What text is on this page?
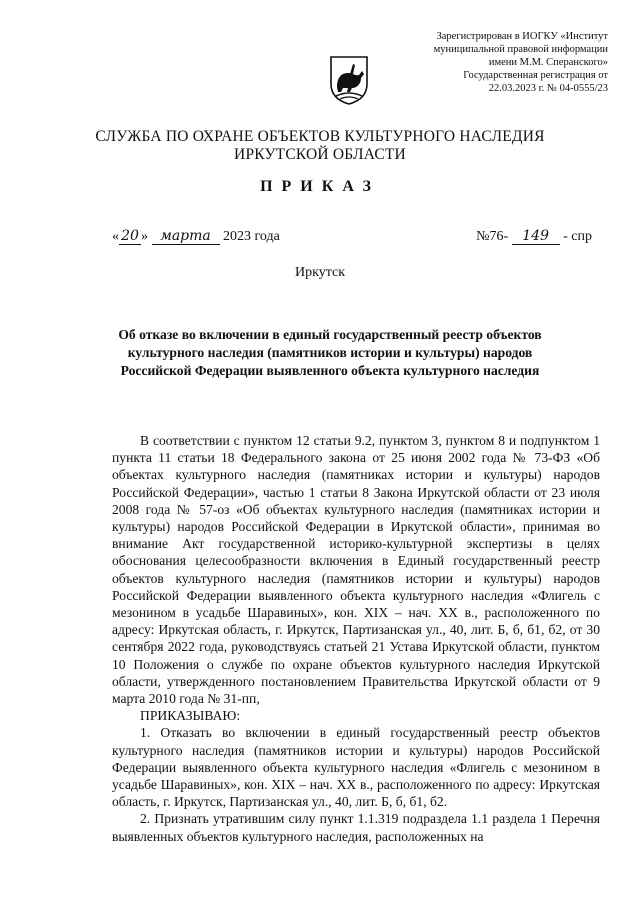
Зарегистрирован в ИОГКУ «Институт
муниципальной правовой информации
имени М.М. Сперанского»
Государственная регистрация от
22.03.2023 г. № 04-0555/23
СЛУЖБА ПО ОХРАНЕ ОБЪЕКТОВ КУЛЬТУРНОГО НАСЛЕДИЯ
ИРКУТСКОЙ ОБЛАСТИ
ПРИКАЗ
« 20 » марта 2023 года	№76- 149 - спр
Иркутск
Об отказе во включении в единый государственный реестр объектов культурного наследия (памятников истории и культуры) народов Российской Федерации выявленного объекта культурного наследия

В соответствии с пунктом 12 статьи 9.2, пунктом 3, пунктом 8 и подпунктом 1 пункта 11 статьи 18 Федерального закона от 25 июня 2002 года № 73-ФЗ «Об объектах культурного наследия (памятниках истории и культуры) народов Российской Федерации», частью 1 статьи 8 Закона Иркутской области от 23 июля 2008 года № 57-оз «Об объектах культурного наследия (памятниках истории и культуры) народов Российской Федерации в Иркутской области», принимая во внимание Акт государственной историко-культурной экспертизы в целях обоснования целесообразности включения в Единый государственный реестр объектов культурного наследия (памятников истории и культуры) народов Российской Федерации выявленного объекта культурного наследия «Флигель с мезонином в усадьбе Шаравиных», кон. XIX – нач. XX в., расположенного по адресу: Иркутская область, г. Иркутск, Партизанская ул., 40, лит. Б, б, б1, б2, от 30 сентября 2022 года, руководствуясь статьей 21 Устава Иркутской области, пунктом 10 Положения о службе по охране объектов культурного наследия Иркутской области, утвержденного постановлением Правительства Иркутской области от 9 марта 2010 года № 31-пп,

ПРИКАЗЫВАЮ:

1. Отказать во включении в единый государственный реестр объектов культурного наследия (памятников истории и культуры) народов Российской Федерации выявленного объекта культурного наследия «Флигель с мезонином в усадьбе Шаравиных», кон. XIX – нач. XX в., расположенного по адресу: Иркутская область, г. Иркутск, Партизанская ул., 40, лит. Б, б, б1, б2.

2. Признать утратившим силу пункт 1.1.319 подраздела 1.1 раздела 1 Перечня выявленных объектов культурного наследия, расположенных на
